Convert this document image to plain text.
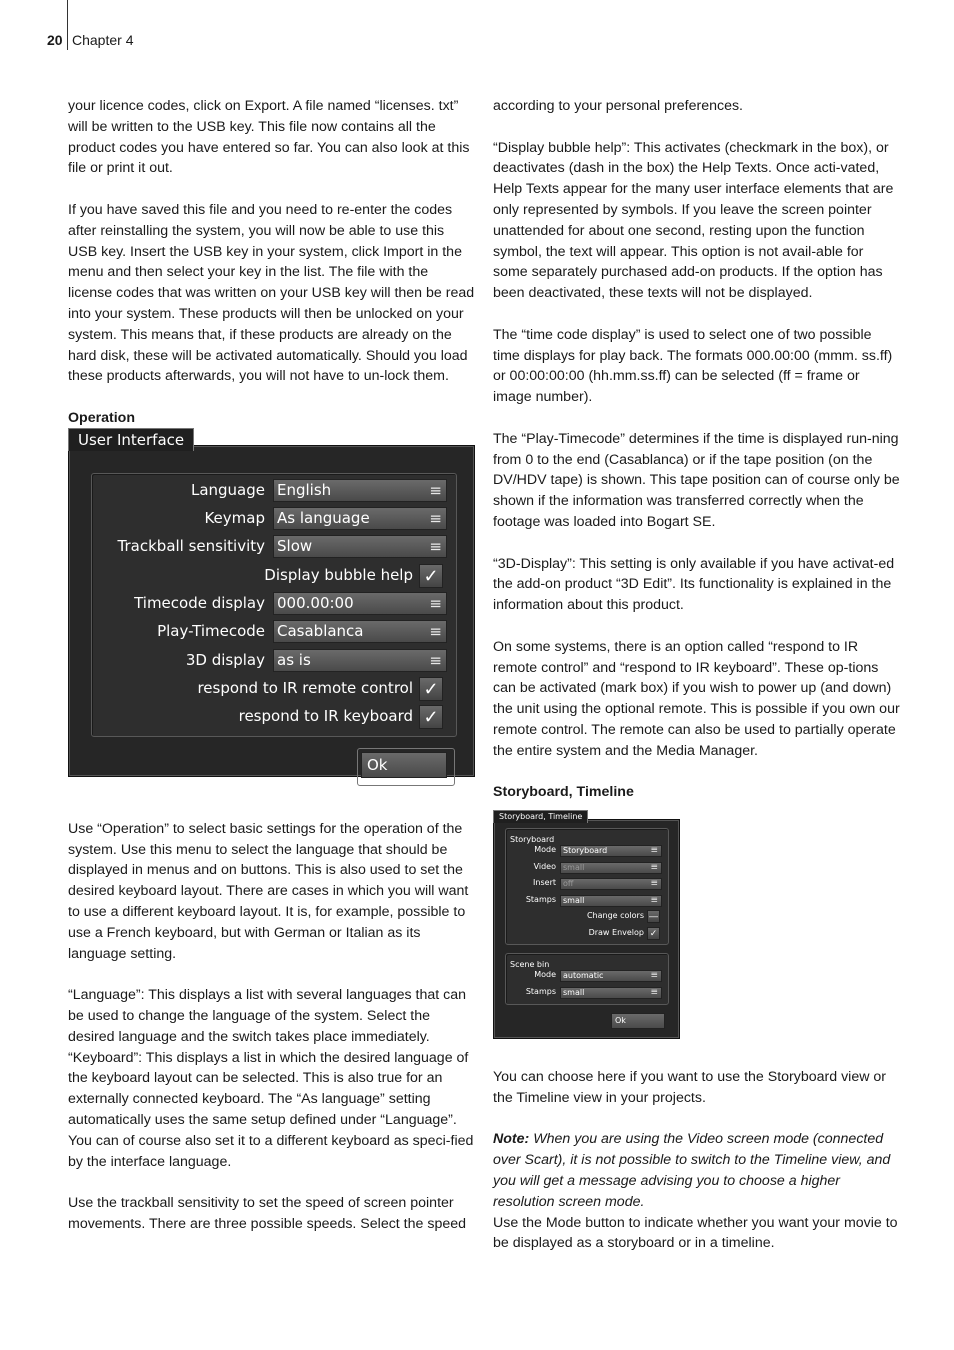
20 Chapter 4

your licence codes, click on Export. A file named “licenses. txt” will be written to the USB key. This file now contains all the product codes you have entered so far. You can also look at this file or print it out.

If you have saved this file and you need to re-enter the codes after reinstalling the system, you will now be able to use this USB key. Insert the USB key in your system, click Import in the menu and then select your key in the list. The file with the license codes that was written on your USB key will then be read into your system. These products will then be unlocked on your system. This means that, if these products are already on the hard disk, these will be activated automatically. Should you load these products afterwards, you will not have to un-lock them.

Operation

User Interface
Language English	≡
Keymap As language	≡
Trackball sensitivity Slow	≡
Display bubble help ✓
Timecode display 000.00:00	≡
Play-Timecode Casablanca	≡
3D display as is	≡
respond to IR remote control ✓
respond to IR keyboard ✓
Ok

Use “Operation” to select basic settings for the operation of the system. Use this menu to select the language that should be displayed in menus and on buttons. This is also used to set the desired keyboard layout. There are cases in which you will want to use a different keyboard layout. It is, for example, possible to use a French keyboard, but with German or Italian as its language setting.

“Language”: This displays a list with several languages that can be used to change the language of the system. Select the desired language and the switch takes place immediately.

“Keyboard”: This displays a list in which the desired language of the keyboard layout can be selected. This is also true for an externally connected keyboard. The “As language” setting automatically uses the same setup defined under “Language”. You can of course also set it to a different keyboard as speci-fied by the interface language.

Use the trackball sensitivity to set the speed of screen pointer movements. There are three possible speeds. Select the speed

according to your personal preferences.

“Display bubble help”: This activates (checkmark in the box), or deactivates (dash in the box) the Help Texts. Once acti-vated, Help Texts appear for the many user interface elements that are only represented by symbols. If you leave the screen pointer unattended for about one second, resting upon the function symbol, the text will appear. This option is not avail-able for some separately purchased add-on products. If the option has been deactivated, these texts will not be displayed.

The “time code display” is used to select one of two possible time displays for play back. The formats 000.00:00 (mmm. ss.ff) or 00:00:00:00 (hh.mm.ss.ff) can be selected (ff = frame or image number).

The “Play-Timecode” determines if the time is displayed run-ning from 0 to the end (Casablanca) or if the tape position (on the DV/HDV tape) is shown. This tape position can of course only be shown if the information was transferred correctly when the footage was loaded into Bogart SE.

“3D-Display”: This setting is only available if you have activat-ed the add-on product “3D Edit”. Its functionality is explained in the information about this product.

On some systems, there is an option called “respond to IR remote control” and “respond to IR keyboard”. These op-tions can be activated (mark box) if you wish to power up (and down) the unit using the optional remote. This is possible if you own our remote control. The remote can also be used to partially operate the entire system and the Media Manager.

Storyboard, Timeline

Storyboard, Timeline
Storyboard
Scene bin
Mode Storyboard	≡
Video small	≡
Insert off	≡
Stamps small	≡
Change colors —
Draw Envelop ✓
Mode automatic	≡
Stamps small	≡
Ok

You can choose here if you want to use the Storyboard view or the Timeline view in your projects.

Note: When you are using the Video screen mode (connected over Scart), it is not possible to switch to the Timeline view, and you will get a message advising you to choose a higher resolution screen mode.

Use the Mode button to indicate whether you want your movie to be displayed as a storyboard or in a timeline.
